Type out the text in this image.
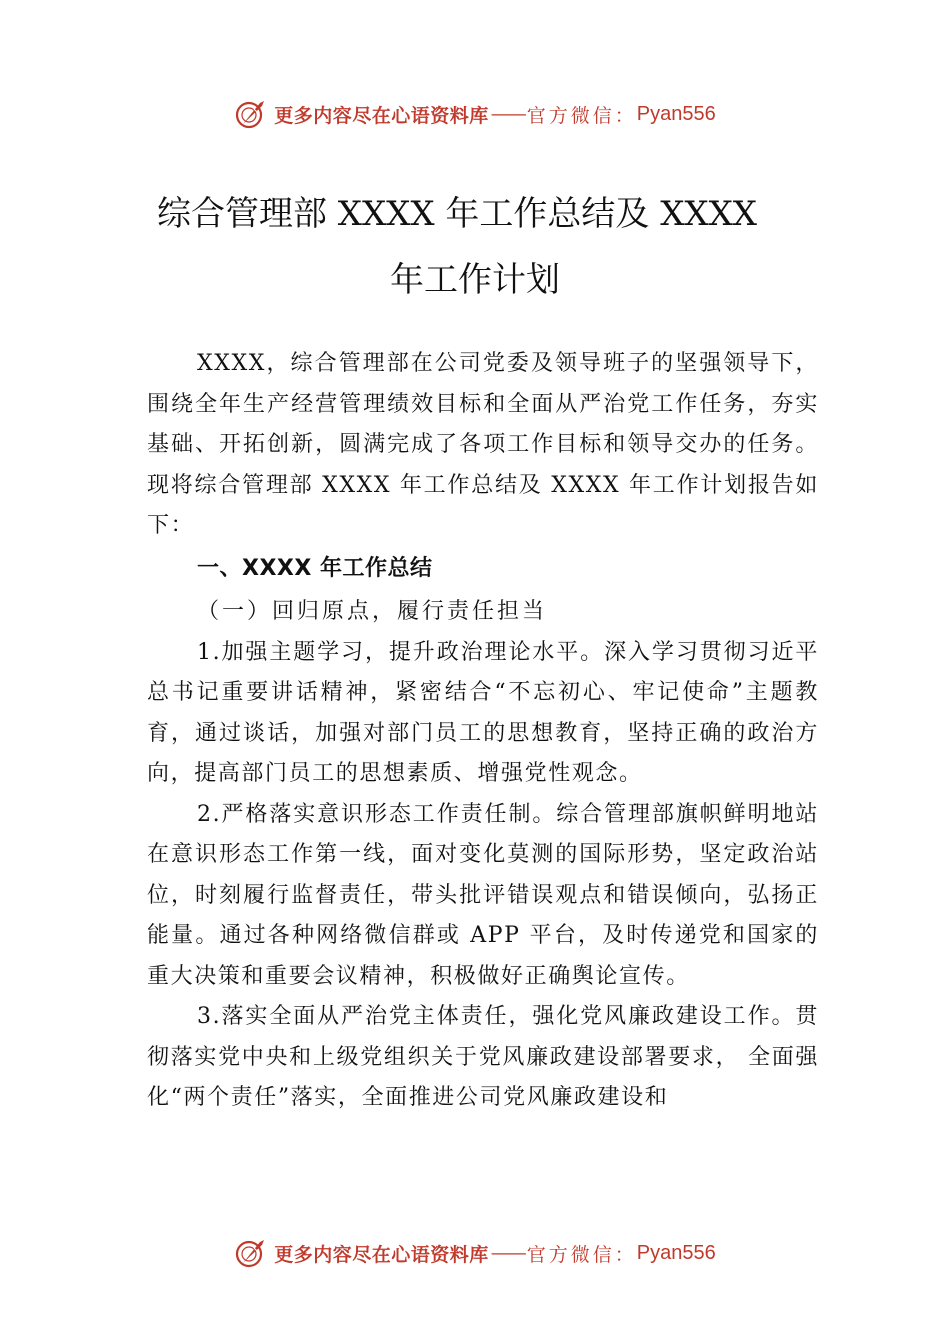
更多内容尽在心语资料库 —— 官方微信： Pyan556
综合管理部 XXXX 年工作总结及 XXXX
年工作计划

XXXX，综合管理部在公司党委及领导班子的坚强领导下，围绕全年生产经营管理绩效目标和全面从严治党工作任务，夯实基础、开拓创新，圆满完成了各项工作目标和领导交办的任务。现将综合管理部 XXXX 年工作总结及 XXXX 年工作计划报告如下：

一、XXXX 年工作总结

（一）回归原点，履行责任担当

1.加强主题学习，提升政治理论水平。深入学习贯彻习近平总书记重要讲话精神，紧密结合“不忘初心、牢记使命”主题教育，通过谈话，加强对部门员工的思想教育，坚持正确的政治方向，提高部门员工的思想素质、增强党性观念。

2.严格落实意识形态工作责任制。综合管理部旗帜鲜明地站在意识形态工作第一线，面对变化莫测的国际形势，坚定政治站位，时刻履行监督责任，带头批评错误观点和错误倾向，弘扬正能量。通过各种网络微信群或 APP 平台，及时传递党和国家的重大决策和重要会议精神，积极做好正确舆论宣传。

3.落实全面从严治党主体责任，强化党风廉政建设工作。贯彻落实党中央和上级党组织关于党风廉政建设部署要求， 全面强化“两个责任”落实，全面推进公司党风廉政建设和

更多内容尽在心语资料库 —— 官方微信： Pyan556
